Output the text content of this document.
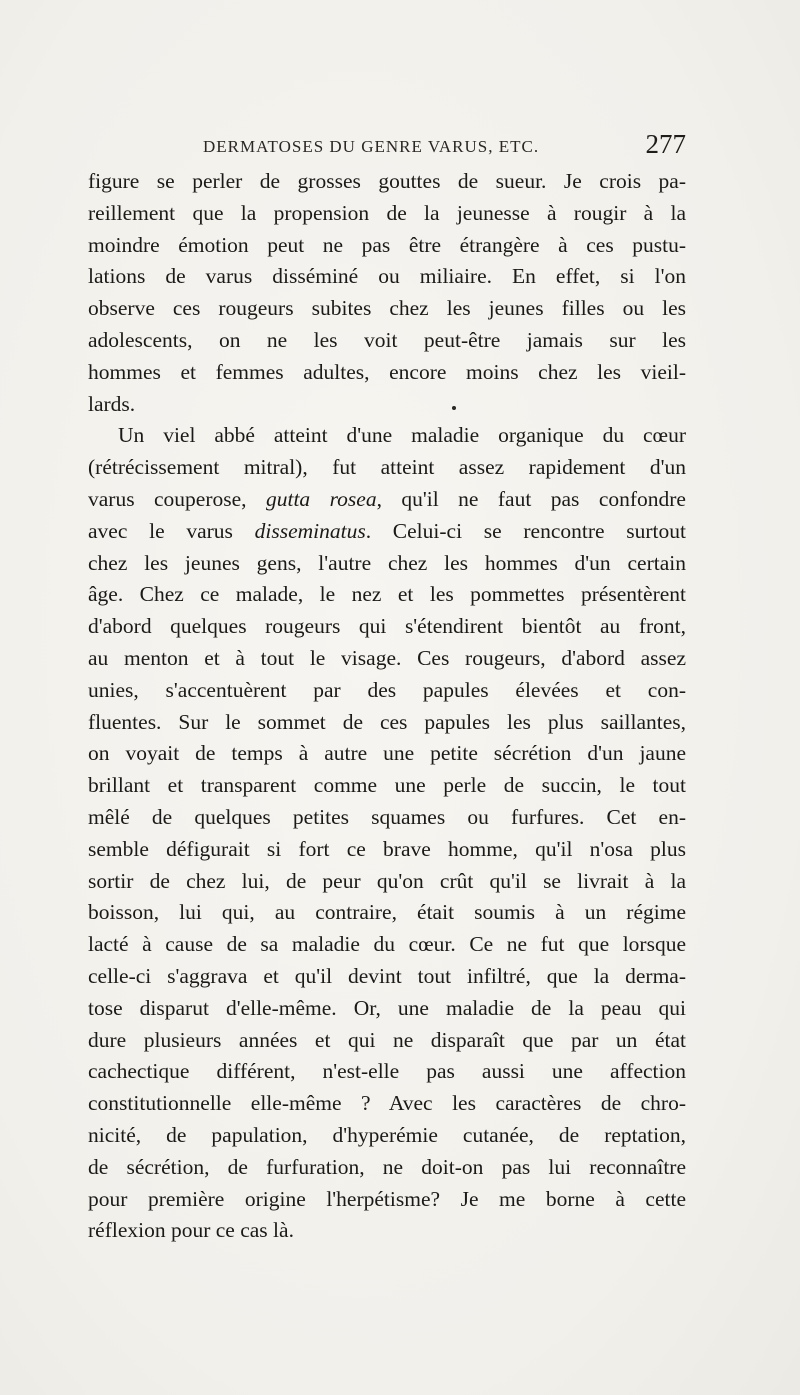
DERMATOSES DU GENRE VARUS, ETC.	277
figure se perler de grosses gouttes de sueur. Je crois pa-
reillement que la propension de la jeunesse à rougir à la
moindre émotion peut ne pas être étrangère à ces pustu-
lations de varus disséminé ou miliaire. En effet, si l'on
observe ces rougeurs subites chez les jeunes filles ou les
adolescents, on ne les voit peut-être jamais sur les
hommes et femmes adultes, encore moins chez les vieil-
lards.
Un viel abbé atteint d'une maladie organique du cœur
(rétrécissement mitral), fut atteint assez rapidement d'un
varus couperose, gutta rosea, qu'il ne faut pas confondre
avec le varus disseminatus. Celui-ci se rencontre surtout
chez les jeunes gens, l'autre chez les hommes d'un certain
âge. Chez ce malade, le nez et les pommettes présentèrent
d'abord quelques rougeurs qui s'étendirent bientôt au front,
au menton et à tout le visage. Ces rougeurs, d'abord assez
unies, s'accentuèrent par des papules élevées et con-
fluentes. Sur le sommet de ces papules les plus saillantes,
on voyait de temps à autre une petite sécrétion d'un jaune
brillant et transparent comme une perle de succin, le tout
mêlé de quelques petites squames ou furfures. Cet en-
semble défigurait si fort ce brave homme, qu'il n'osa plus
sortir de chez lui, de peur qu'on crût qu'il se livrait à la
boisson, lui qui, au contraire, était soumis à un régime
lacté à cause de sa maladie du cœur. Ce ne fut que lorsque
celle-ci s'aggrava et qu'il devint tout infiltré, que la derma-
tose disparut d'elle-même. Or, une maladie de la peau qui
dure plusieurs années et qui ne disparaît que par un état
cachectique différent, n'est-elle pas aussi une affection
constitutionnelle elle-même ? Avec les caractères de chro-
nicité, de papulation, d'hyperémie cutanée, de reptation,
de sécrétion, de furfuration, ne doit-on pas lui reconnaître
pour première origine l'herpétisme? Je me borne à cette
réflexion pour ce cas là.
